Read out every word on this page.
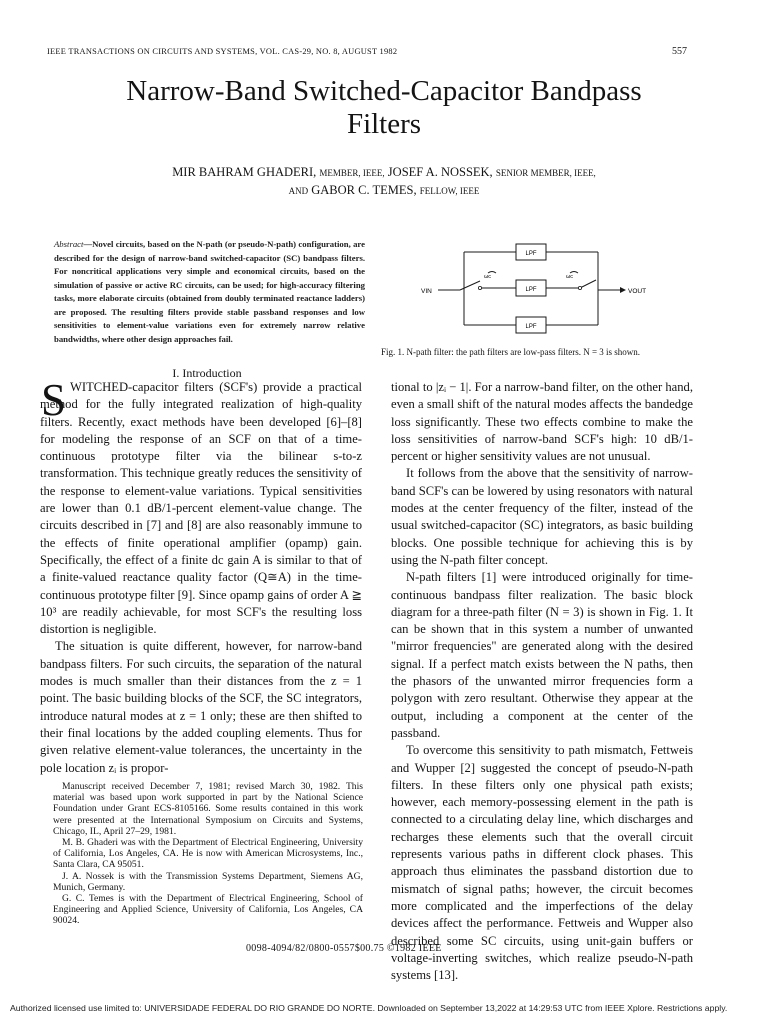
IEEE TRANSACTIONS ON CIRCUITS AND SYSTEMS, VOL. CAS-29, NO. 8, AUGUST 1982	557
Narrow-Band Switched-Capacitor Bandpass
Filters
MIR BAHRAM GHADERI, MEMBER, IEEE, JOSEF A. NOSSEK, SENIOR MEMBER, IEEE,
AND GABOR C. TEMES, FELLOW, IEEE
Abstract—Novel circuits, based on the N-path (or pseudo-N-path) configuration, are described for the design of narrow-band switched-capacitor (SC) bandpass filters. For noncritical applications very simple and economical circuits, based on the simulation of passive or active RC circuits, can be used; for high-accuracy filtering tasks, more elaborate circuits (obtained from doubly terminated reactance ladders) are proposed. The resulting filters provide stable passband responses and low sensitivities to element-value variations even for extremely narrow relative bandwidths, where other design approaches fail.
LPF
LPF
LPF
VIN	VOUT
ωc	ωc
Fig. 1. N-path filter: the path filters are low-pass filters. N = 3 is shown.
I. Introduction
S WITCHED-capacitor filters (SCF's) provide a practical method for the fully integrated realization of high-quality filters. Recently, exact methods have been developed [6]–[8] for modeling the response of an SCF on that of a time-continuous prototype filter via the bilinear s-to-z transformation. This technique greatly reduces the sensitivity of the response to element-value variations. Typical sensitivities are lower than 0.1 dB/1-percent element-value change. The circuits described in [7] and [8] are also reasonably immune to the effects of finite operational amplifier (opamp) gain. Specifically, the effect of a finite dc gain A is similar to that of a finite-valued reactance quality factor (Q≅A) in the time-continuous prototype filter [9]. Since opamp gains of order A ≧ 10³ are readily achievable, for most SCF's the resulting loss distortion is negligible.

The situation is quite different, however, for narrow-band bandpass filters. For such circuits, the separation of the natural modes is much smaller than their distances from the z = 1 point. The basic building blocks of the SCF, the SC integrators, introduce natural modes at z = 1 only; these are then shifted to their final locations by the added coupling elements. Thus for given relative element-value tolerances, the uncertainty in the pole location zᵢ is propor-

Manuscript received December 7, 1981; revised March 30, 1982. This material was based upon work supported in part by the National Science Foundation under Grant ECS-8105166. Some results contained in this work were presented at the International Symposium on Circuits and Systems, Chicago, IL, April 27–29, 1981.

M. B. Ghaderi was with the Department of Electrical Engineering, University of California, Los Angeles, CA. He is now with American Microsystems, Inc., Santa Clara, CA 95051.

J. A. Nossek is with the Transmission Systems Department, Siemens AG, Munich, Germany.

G. C. Temes is with the Department of Electrical Engineering, School of Engineering and Applied Science, University of California, Los Angeles, CA 90024.

tional to |zᵢ − 1|. For a narrow-band filter, on the other hand, even a small shift of the natural modes affects the bandedge loss significantly. These two effects combine to make the loss sensitivities of narrow-band SCF's high: 10 dB/1-percent or higher sensitivity values are not unusual.

It follows from the above that the sensitivity of narrow-band SCF's can be lowered by using resonators with natural modes at the center frequency of the filter, instead of the usual switched-capacitor (SC) integrators, as basic building blocks. One possible technique for achieving this is by using the N-path filter concept.

N-path filters [1] were introduced originally for time-continuous bandpass filter realization. The basic block diagram for a three-path filter (N = 3) is shown in Fig. 1. It can be shown that in this system a number of unwanted "mirror frequencies" are generated along with the desired signal. If a perfect match exists between the N paths, then the phasors of the unwanted mirror frequencies form a polygon with zero resultant. Otherwise they appear at the output, including a component at the center of the passband.

To overcome this sensitivity to path mismatch, Fettweis and Wupper [2] suggested the concept of pseudo-N-path filters. In these filters only one physical path exists; however, each memory-possessing element in the path is connected to a circulating delay line, which discharges and recharges these elements such that the overall circuit represents various paths in different clock phases. This approach thus eliminates the passband distortion due to mismatch of signal paths; however, the circuit becomes more complicated and the imperfections of the delay devices affect the performance. Fettweis and Wupper also described some SC circuits, using unit-gain buffers or voltage-inverting switches, which realize pseudo-N-path systems [13].

0098-4094/82/0800-0557$00.75 ©1982 IEEE
Authorized licensed use limited to: UNIVERSIDADE FEDERAL DO RIO GRANDE DO NORTE. Downloaded on September 13,2022 at 14:29:53 UTC from IEEE Xplore. Restrictions apply.
